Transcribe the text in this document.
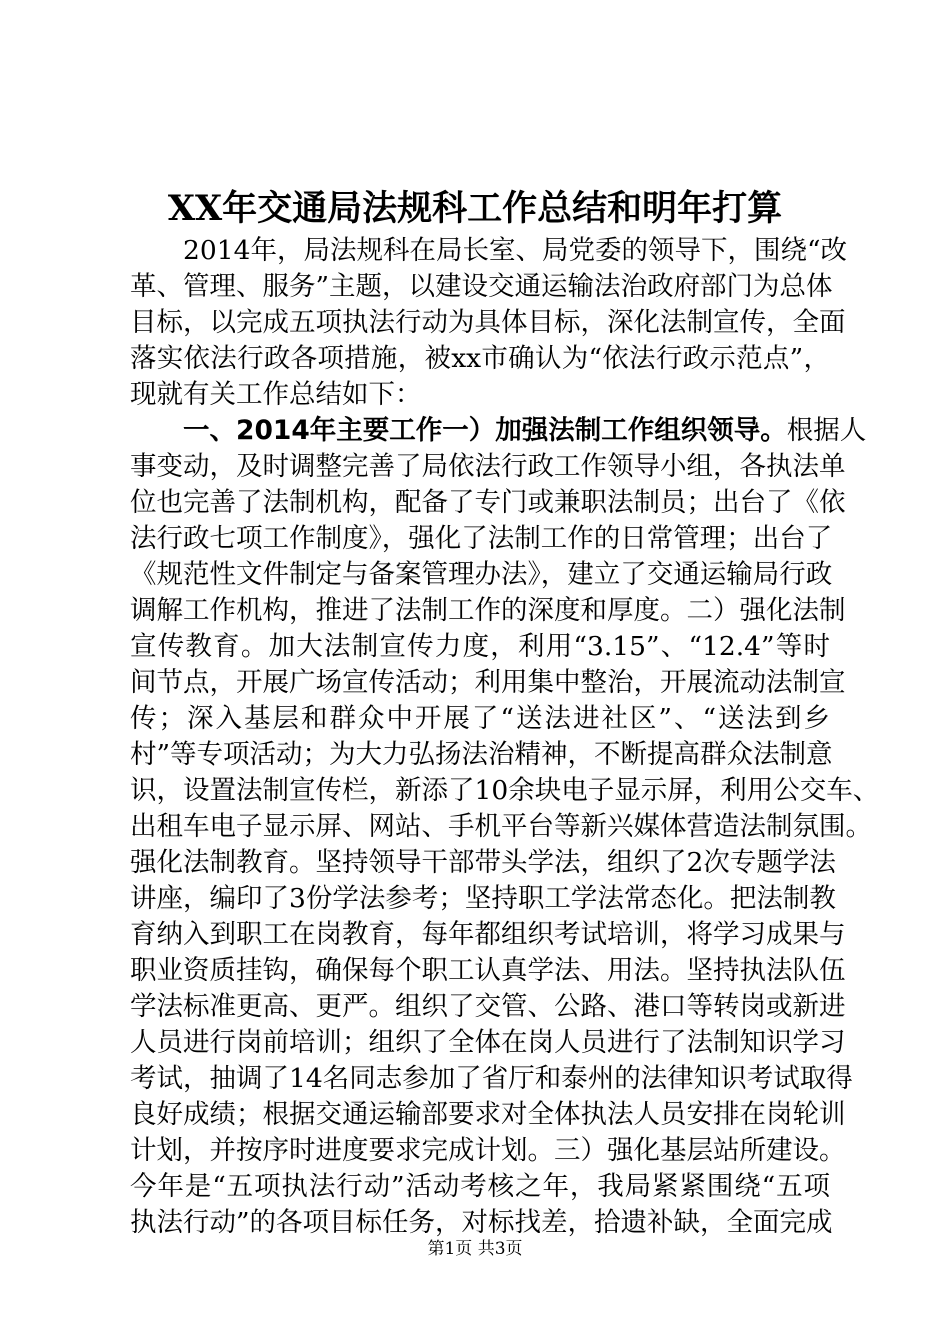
XX年交通局法规科工作总结和明年打算

　　2014年，局法规科在局长室、局党委的领导下，围绕“改

革、管理、服务”主题，以建设交通运输法治政府部门为总体

目标，以完成五项执法行动为具体目标，深化法制宣传，全面

落实依法行政各项措施，被xx市确认为“依法行政示范点”，

现就有关工作总结如下：

　　一、2014年主要工作一）加强法制工作组织领导。根据人

事变动，及时调整完善了局依法行政工作领导小组，各执法单

位也完善了法制机构，配备了专门或兼职法制员；出台了《依

法行政七项工作制度》，强化了法制工作的日常管理；出台了

《规范性文件制定与备案管理办法》，建立了交通运输局行政

调解工作机构，推进了法制工作的深度和厚度。二）强化法制

宣传教育。加大法制宣传力度，利用“3.15”、“12.4”等时

间节点，开展广场宣传活动；利用集中整治，开展流动法制宣

传；深入基层和群众中开展了“送法进社区”、“送法到乡

村”等专项活动；为大力弘扬法治精神，不断提高群众法制意

识，设置法制宣传栏，新添了10余块电子显示屏，利用公交车、

出租车电子显示屏、网站、手机平台等新兴媒体营造法制氛围。

强化法制教育。坚持领导干部带头学法，组织了2次专题学法

讲座，编印了3份学法参考；坚持职工学法常态化。把法制教

育纳入到职工在岗教育，每年都组织考试培训，将学习成果与

职业资质挂钩，确保每个职工认真学法、用法。坚持执法队伍

学法标准更高、更严。组织了交管、公路、港口等转岗或新进

人员进行岗前培训；组织了全体在岗人员进行了法制知识学习

考试，抽调了14名同志参加了省厅和泰州的法律知识考试取得

良好成绩；根据交通运输部要求对全体执法人员安排在岗轮训

计划，并按序时进度要求完成计划。三）强化基层站所建设。

今年是“五项执法行动”活动考核之年，我局紧紧围绕“五项

执法行动”的各项目标任务，对标找差，拾遗补缺，全面完成

第1页 共3页
